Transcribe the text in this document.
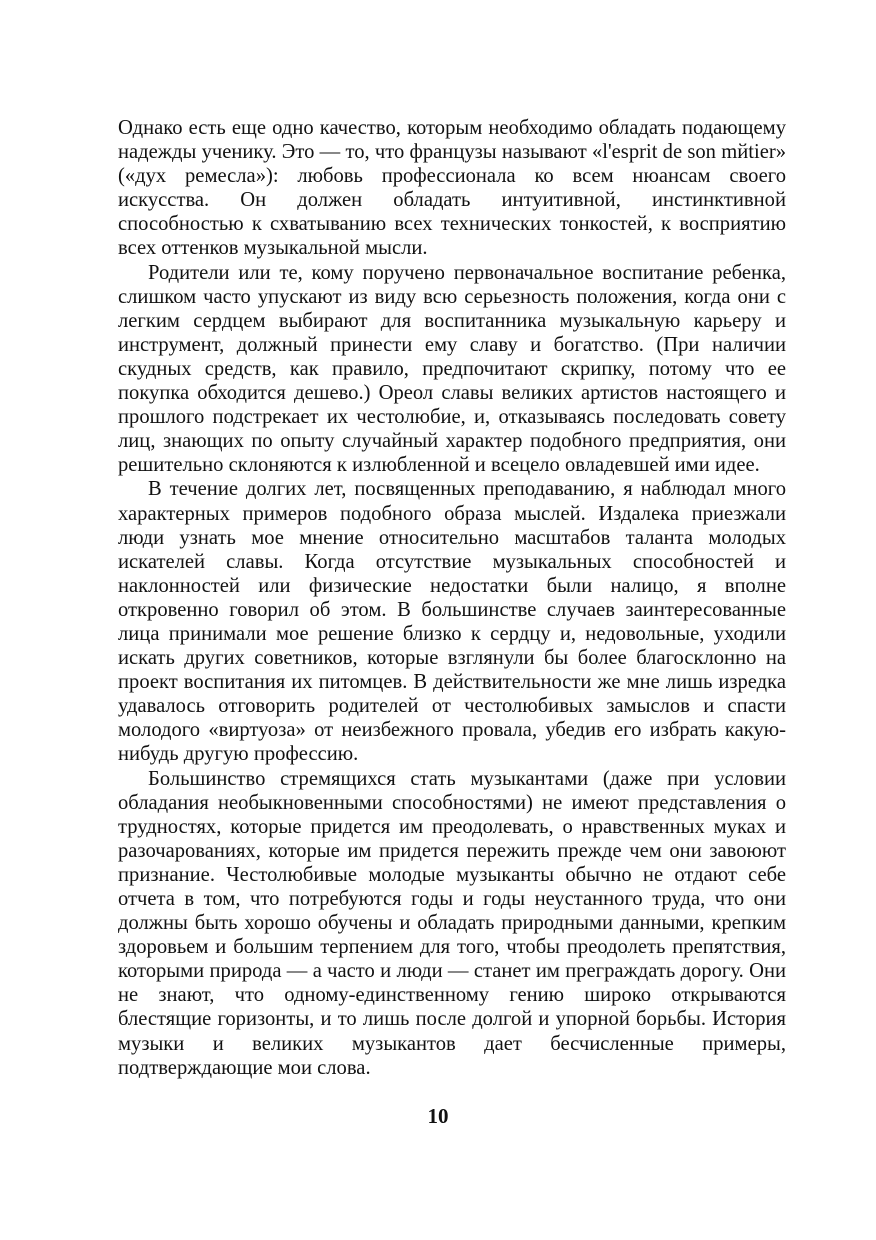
Однако есть еще одно качество, которым необходимо обладать подающему надежды ученику. Это — то, что французы называют «l'esprit de son mйtier» («дух ремесла»): любовь профессионала ко всем нюансам своего искусства. Он должен обладать интуитивной, инстинктивной способностью к схватыванию всех технических тонкостей, к восприятию всех оттенков музыкальной мысли.

Родители или те, кому поручено первоначальное воспитание ребенка, слишком часто упускают из виду всю серьезность положения, когда они с легким сердцем выбирают для воспитанника музыкальную карьеру и инструмент, должный принести ему славу и богатство. (При наличии скудных средств, как правило, предпочитают скрипку, потому что ее покупка обходится дешево.) Ореол славы великих артистов настоящего и прошлого подстрекает их честолюбие, и, отказываясь последовать совету лиц, знающих по опыту случайный характер подобного предприятия, они решительно склоняются к излюбленной и всецело овладевшей ими идее.

В течение долгих лет, посвященных преподаванию, я наблюдал много характерных примеров подобного образа мыслей. Издалека приезжали люди узнать мое мнение относительно масштабов таланта молодых искателей славы. Когда отсутствие музыкальных способностей и наклонностей или физические недостатки были налицо, я вполне откровенно говорил об этом. В большинстве случаев заинтересованные лица принимали мое решение близко к сердцу и, недовольные, уходили искать других советников, которые взглянули бы более благосклонно на проект воспитания их питомцев. В действительности же мне лишь изредка удавалось отговорить родителей от честолюбивых замыслов и спасти молодого «виртуоза» от неизбежного провала, убедив его избрать какую-нибудь другую профессию.

Большинство стремящихся стать музыкантами (даже при условии обладания необыкновенными способностями) не имеют представления о трудностях, которые придется им преодолевать, о нравственных муках и разочарованиях, которые им придется пережить прежде чем они завоюют признание. Честолюбивые молодые музыканты обычно не отдают себе отчета в том, что потребуются годы и годы неустанного труда, что они должны быть хорошо обучены и обладать природными данными, крепким здоровьем и большим терпением для того, чтобы преодолеть препятствия, которыми природа — а часто и люди — станет им преграждать дорогу. Они не знают, что одному-единственному гению широко открываются блестящие горизонты, и то лишь после долгой и упорной борьбы. История музыки и великих музыкантов дает бесчисленные примеры, подтверждающие мои слова.

10
